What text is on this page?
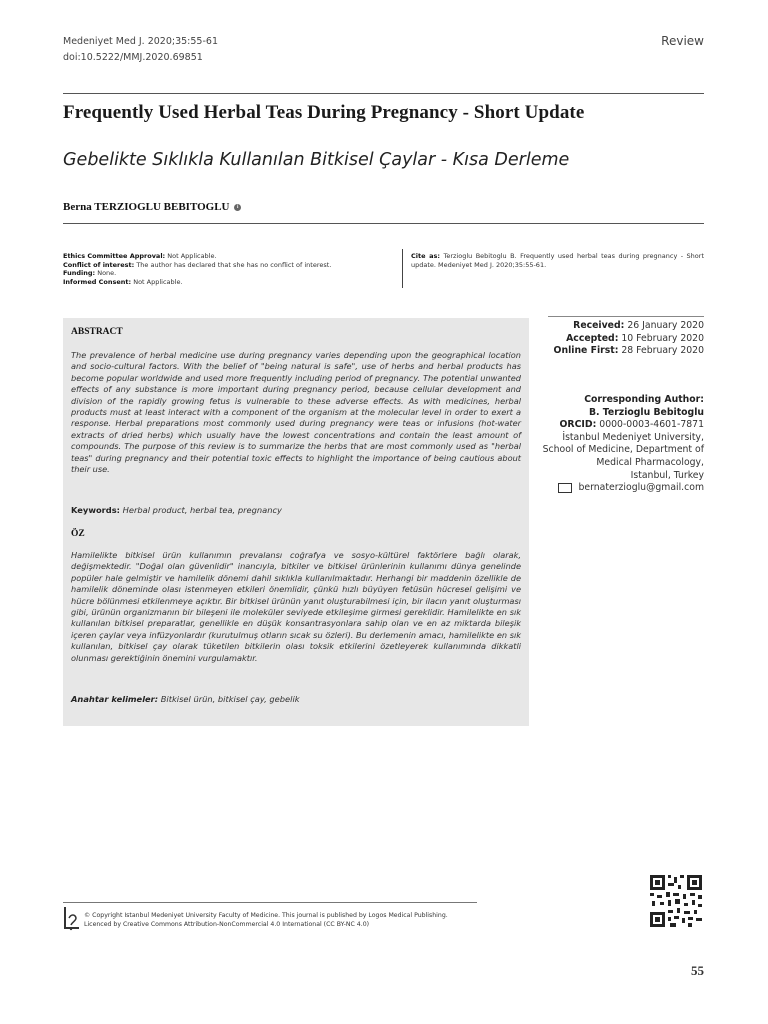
Medeniyet Med J. 2020;35:55-61
doi:10.5222/MMJ.2020.69851
Review
Frequently Used Herbal Teas During Pregnancy - Short Update
Gebelikte Sıklıkla Kullanılan Bitkisel Çaylar - Kısa Derleme
Berna TERZIOGLU BEBITOGLU i
Ethics Committee Approval: Not Applicable.
Conflict of interest: The author has declared that she has no conflict of interest.
Funding: None.
Informed Consent: Not Applicable.
Cite as: Terzioglu Bebitoglu B. Frequently used herbal teas during pregnancy - Short update. Medeniyet Med J. 2020;35:55-61.
ABSTRACT
The prevalence of herbal medicine use during pregnancy varies depending upon the geographical location and socio-cultural factors. With the belief of "being natural is safe", use of herbs and herbal products has become popular worldwide and used more frequently including period of pregnancy. The potential unwanted effects of any substance is more important during pregnancy period, because cellular development and division of the rapidly growing fetus is vulnerable to these adverse effects. As with medicines, herbal products must at least interact with a component of the organism at the molecular level in order to exert a response. Herbal preparations most commonly used during pregnancy were teas or infusions (hot-water extracts of dried herbs) which usually have the lowest concentrations and contain the least amount of compounds. The purpose of this review is to summarize the herbs that are most commonly used as "herbal teas" during pregnancy and their potential toxic effects to highlight the importance of being cautious about their use.
Keywords: Herbal product, herbal tea, pregnancy
ÖZ
Hamilelikte bitkisel ürün kullanımın prevalansı coğrafya ve sosyo-kültürel faktörlere bağlı olarak, değişmektedir. "Doğal olan güvenlidir" inancıyla, bitkiler ve bitkisel ürünlerinin kullanımı dünya genelinde popüler hale gelmiştir ve hamilelik dönemi dahil sıklıkla kullanılmaktadır. Herhangi bir maddenin özellikle de hamilelik döneminde olası istenmeyen etkileri önemlidir, çünkü hızlı büyüyen fetüsün hücresel gelişimi ve hücre bölünmesi etkilenmeye açıktır. Bir bitkisel ürünün yanıt oluşturabilmesi için, bir ilacın yanıt oluşturması gibi, ürünün organizmanın bir bileşeni ile moleküler seviyede etkileşime girmesi gereklidir. Hamilelikte en sık kullanılan bitkisel preparatlar, genellikle en düşük konsantrasyonlara sahip olan ve en az miktarda bileşik içeren çaylar veya infüzyonlardır (kurutulmuş otların sıcak su özleri). Bu derlemenin amacı, hamilelikte en sık kullanılan, bitkisel çay olarak tüketilen bitkilerin olası toksik etkilerini özetleyerek kullanımında dikkatli olunması gerektiğinin önemini vurgulamaktır.
Anahtar kelimeler: Bitkisel ürün, bitkisel çay, gebelik
Received: 26 January 2020
Accepted: 10 February 2020
Online First: 28 February 2020
Corresponding Author:
B. Terzioglu Bebitoglu
ORCID: 0000-0003-4601-7871
İstanbul Medeniyet University,
School of Medicine, Department of
Medical Pharmacology,
Istanbul, Turkey
bernaterzioglu@gmail.com
© Copyright Istanbul Medeniyet University Faculty of Medicine. This journal is published by Logos Medical Publishing.
Licenced by Creative Commons Attribution-NonCommercial 4.0 International (CC BY-NC 4.0)
55
